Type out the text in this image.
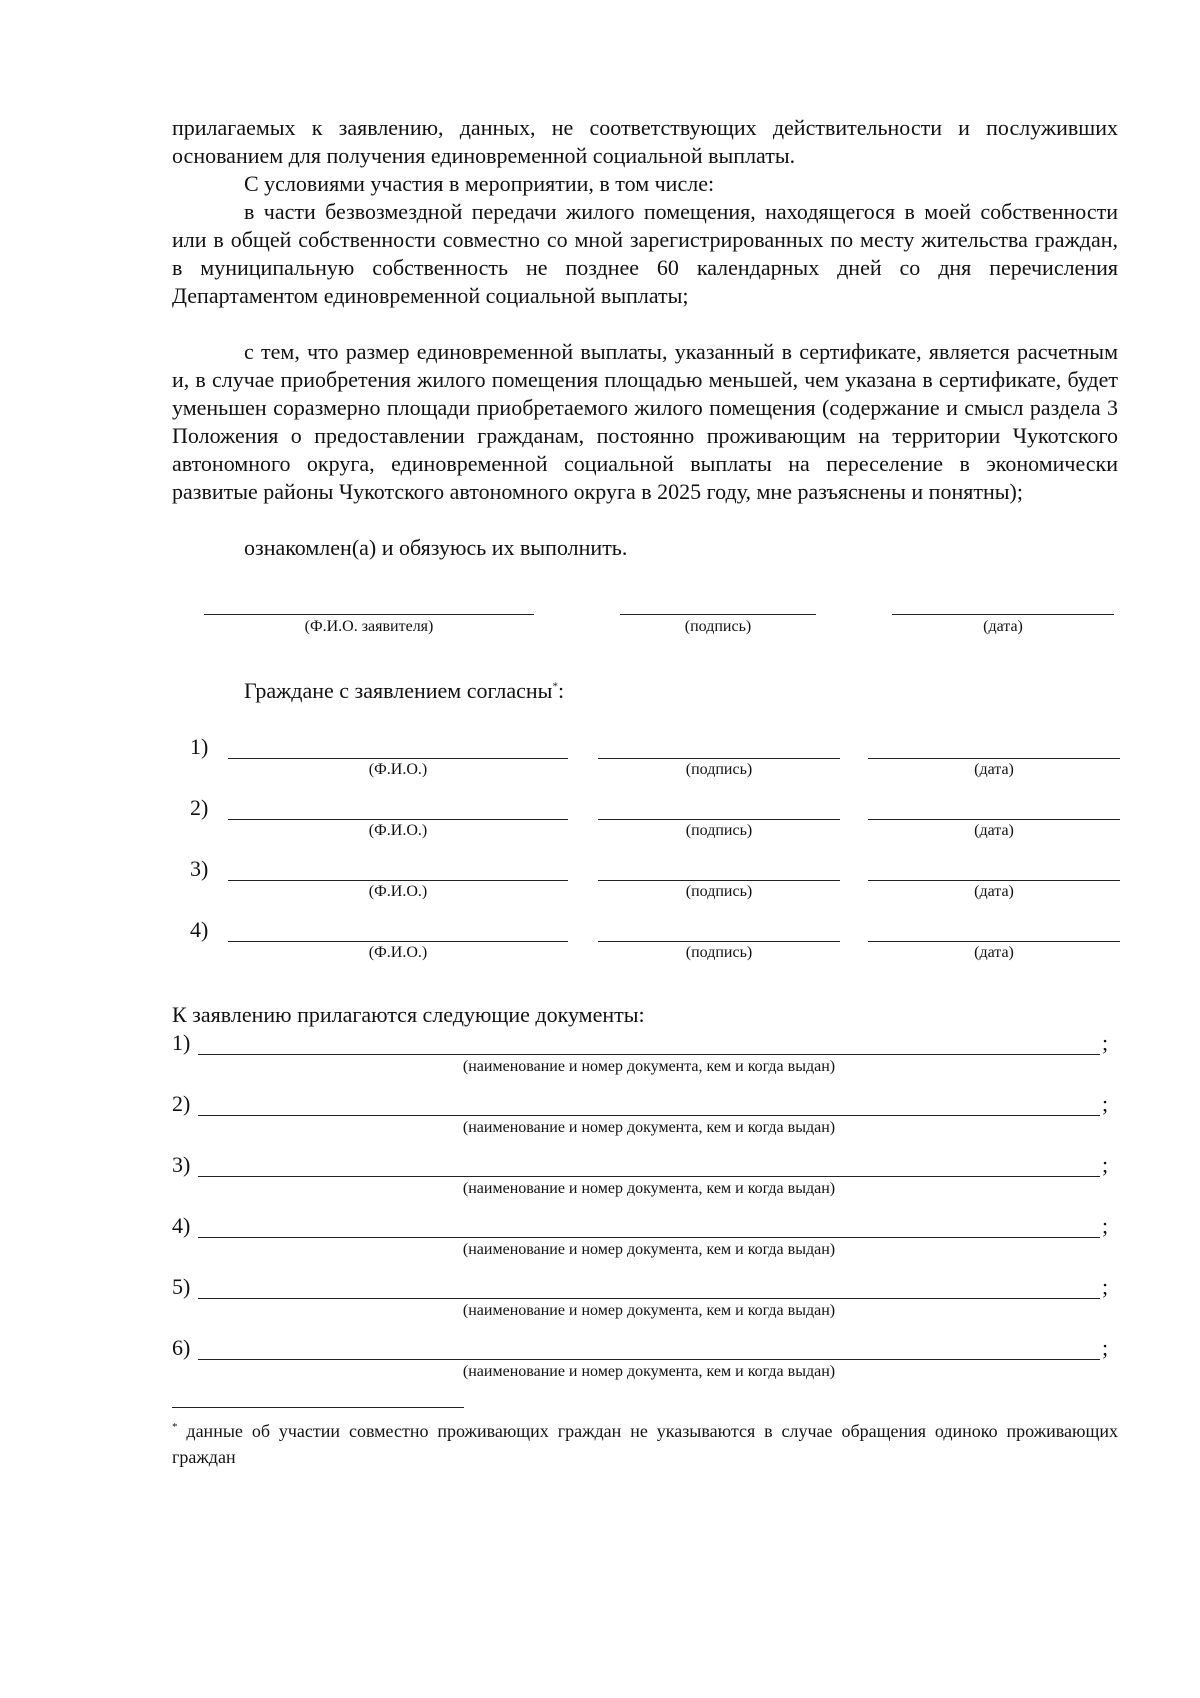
прилагаемых к заявлению, данных, не соответствующих действительности и послуживших основанием для получения единовременной социальной выплаты.

С условиями участия в мероприятии, в том числе:

в части безвозмездной передачи жилого помещения, находящегося в моей собственности или в общей собственности совместно со мной зарегистрированных по месту жительства граждан, в муниципальную собственность не позднее 60 календарных дней со дня перечисления Департаментом единовременной социальной выплаты;

с тем, что размер единовременной выплаты, указанный в сертификате, является расчетным и, в случае приобретения жилого помещения площадью меньшей, чем указана в сертификате, будет уменьшен соразмерно площади приобретаемого жилого помещения (содержание и смысл раздела 3 Положения о предоставлении гражданам, постоянно проживающим на территории Чукотского автономного округа, единовременной социальной выплаты на переселение в экономически развитые районы Чукотского автономного округа в 2025 году, мне разъяснены и понятны);

ознакомлен(а) и обязуюсь их выполнить.

(Ф.И.О. заявителя)	(подпись)	(дата)
Граждане с заявлением согласны*:
1)
(Ф.И.О.)	(подпись)	(дата)
2)
(Ф.И.О.)	(подпись)	(дата)
3)
(Ф.И.О.)	(подпись)	(дата)
4)
(Ф.И.О.)	(подпись)	(дата)
К заявлению прилагаются следующие документы:
1)	;
(наименование и номер документа, кем и когда выдан)
2)	;
(наименование и номер документа, кем и когда выдан)
3)	;
(наименование и номер документа, кем и когда выдан)
4)	;
(наименование и номер документа, кем и когда выдан)
5)	;
(наименование и номер документа, кем и когда выдан)
6)	;
(наименование и номер документа, кем и когда выдан)

* данные об участии совместно проживающих граждан не указываются в случае обращения одиноко проживающих граждан
